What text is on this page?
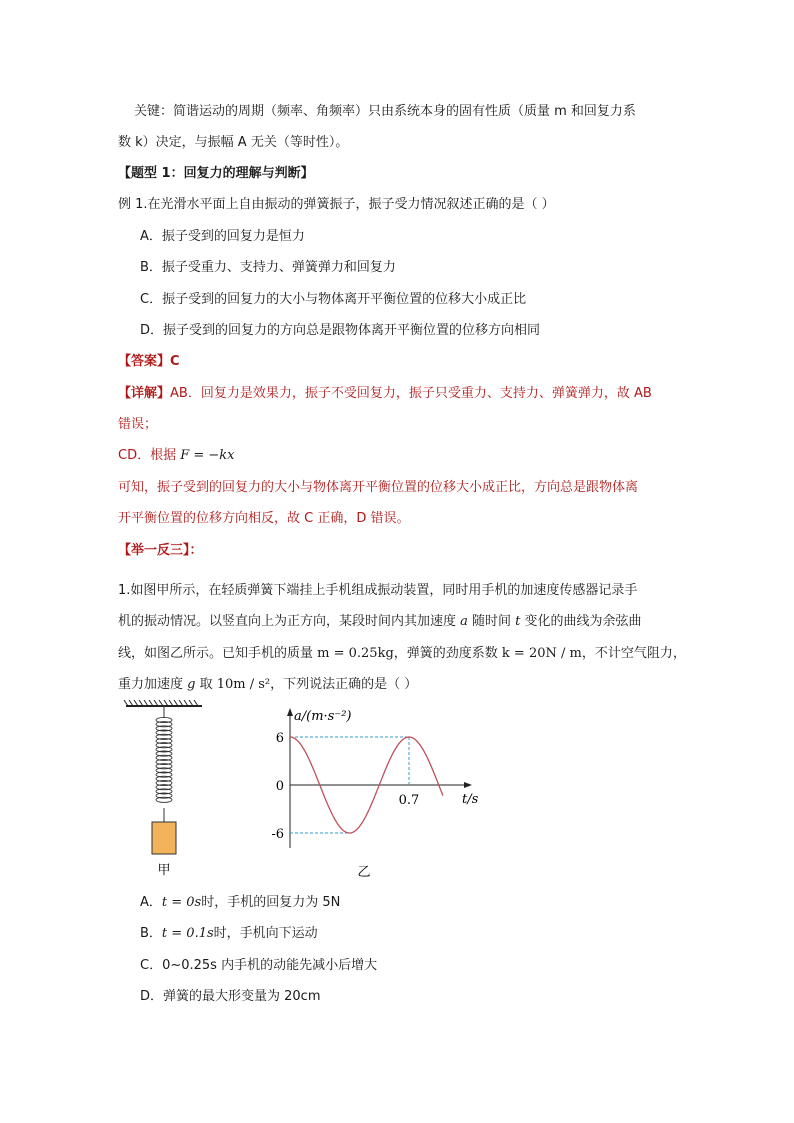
关键：简谐运动的周期（频率、角频率）只由系统本身的固有性质（质量 m 和回复力系
数 k）决定，与振幅 A 无关（等时性）。
【题型 1：回复力的理解与判断】
例 1.在光滑水平面上自由振动的弹簧振子，振子受力情况叙述正确的是（ ）
A．振子受到的回复力是恒力
B．振子受重力、支持力、弹簧弹力和回复力
C．振子受到的回复力的大小与物体离开平衡位置的位移大小成正比
D．振子受到的回复力的方向总是跟物体离开平衡位置的位移方向相同
【答案】C
【详解】AB．回复力是效果力，振子不受回复力，振子只受重力、支持力、弹簧弹力，故 AB
错误；
CD．根据 F = −kx
可知，振子受到的回复力的大小与物体离开平衡位置的位移大小成正比，方向总是跟物体离
开平衡位置的位移方向相反，故 C 正确，D 错误。
【举一反三】：
1.如图甲所示，在轻质弹簧下端挂上手机组成振动装置，同时用手机的加速度传感器记录手
机的振动情况。以竖直向上为正方向，某段时间内其加速度 a 随时间 t 变化的曲线为余弦曲
线，如图乙所示。已知手机的质量 m = 0.25kg，弹簧的劲度系数 k = 20N / m，不计空气阻力，
重力加速度 g 取 10m / s²，下列说法正确的是（ ）
甲
a/(m·s⁻²)
t/s
6
0
-6
0.7
乙
A．t = 0s时，手机的回复力为 5N
B．t = 0.1s时，手机向下运动
C．0~0.25s 内手机的动能先减小后增大
D．弹簧的最大形变量为 20cm
